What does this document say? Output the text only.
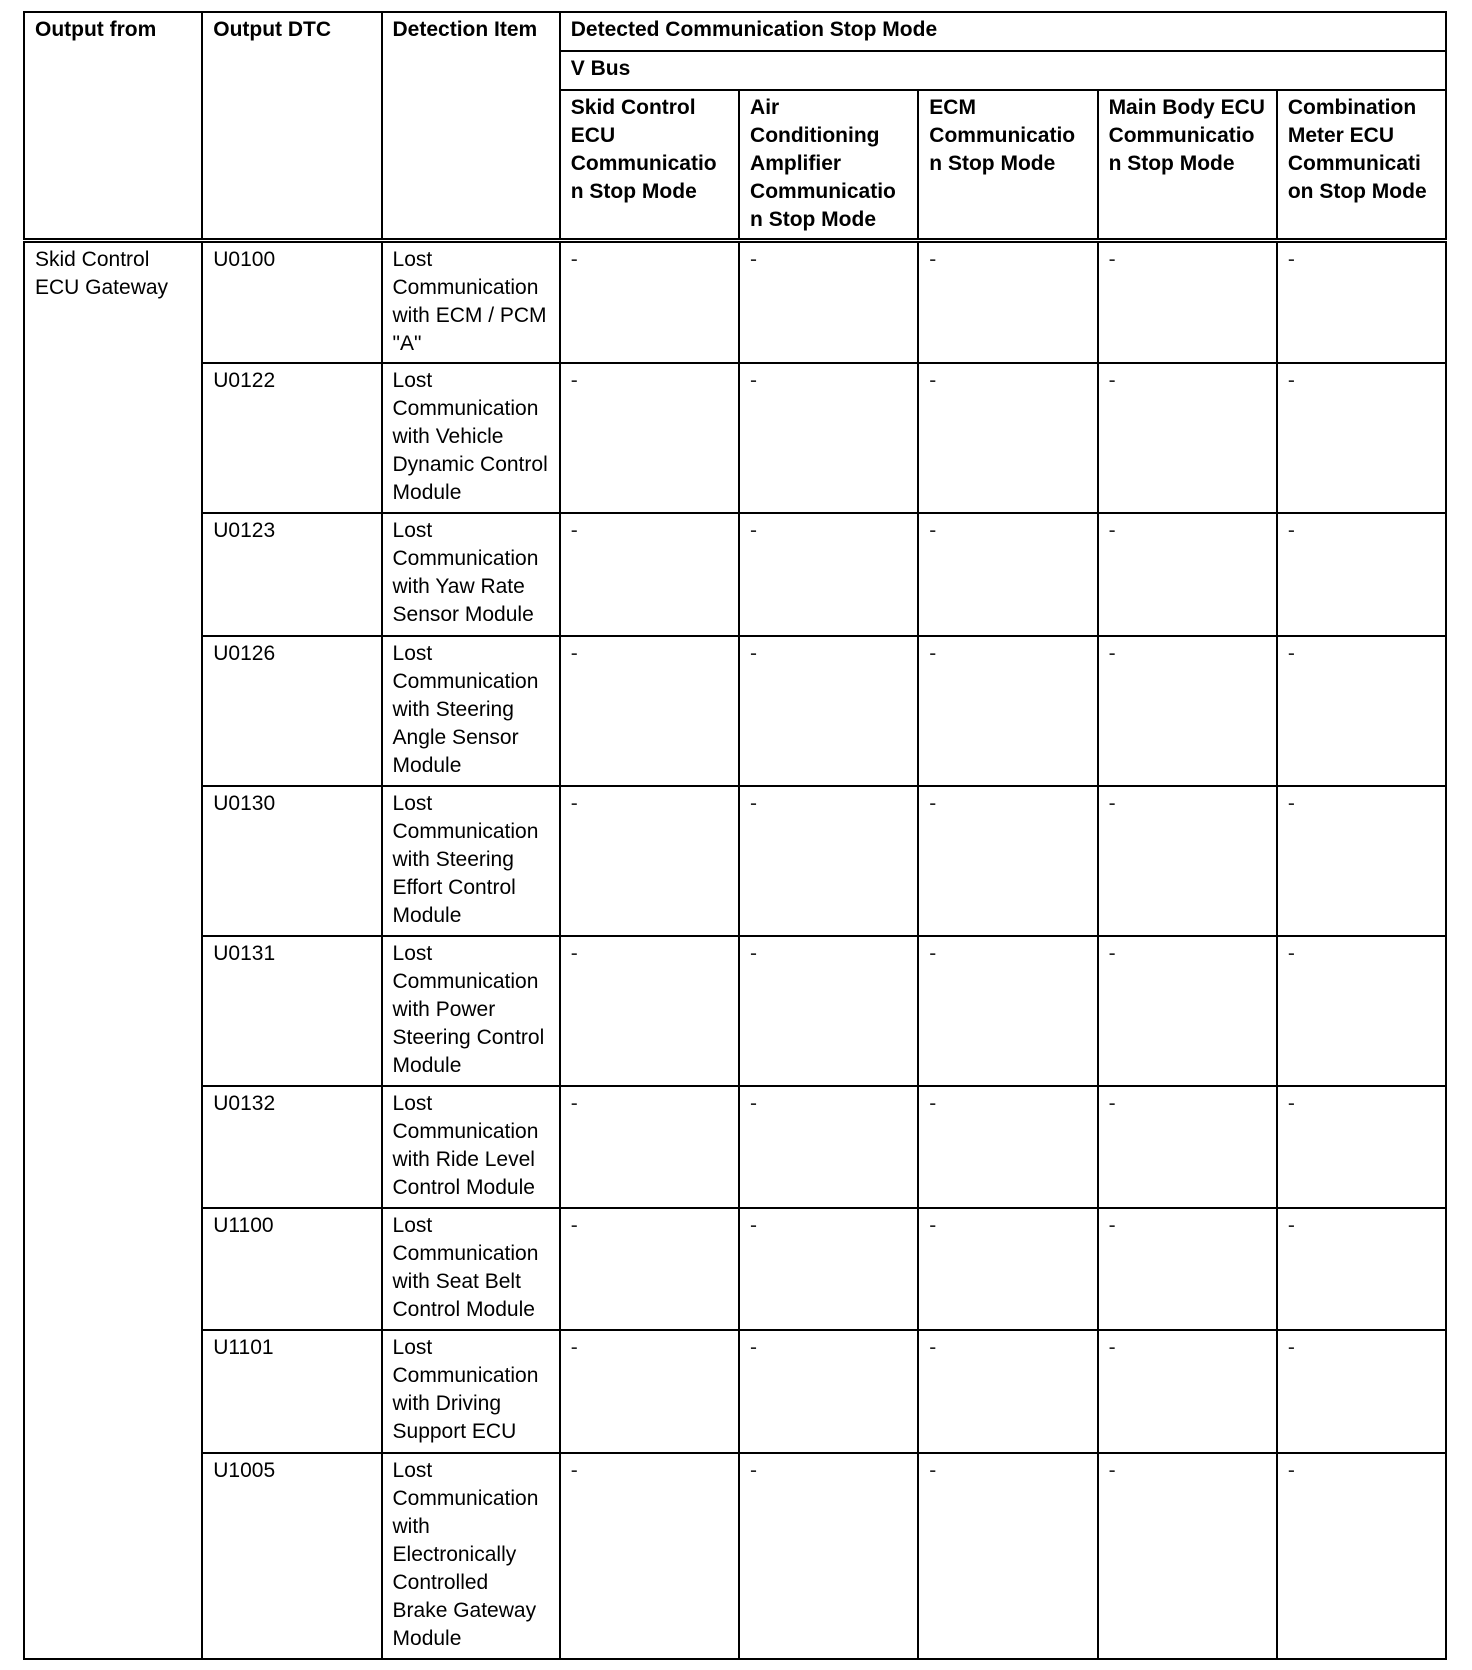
Output from	Output DTC	Detection Item	Detected Communication Stop Mode				
			V Bus				
			Skid Control ECU Communicatio n Stop Mode	Air Conditioning Amplifier Communicatio n Stop Mode	ECM Communicatio n Stop Mode	Main Body ECU Communicatio n Stop Mode	Combination Meter ECU Communicati on Stop Mode
Skid Control ECU Gateway	U0100	Lost Communication with ECM / PCM "A"	-	-	-	-	-
	U0122	Lost Communication with Vehicle Dynamic Control Module	-	-	-	-	-
	U0123	Lost Communication with Yaw Rate Sensor Module	-	-	-	-	-
	U0126	Lost Communication with Steering Angle Sensor Module	-	-	-	-	-
	U0130	Lost Communication with Steering Effort Control Module	-	-	-	-	-
	U0131	Lost Communication with Power Steering Control Module	-	-	-	-	-
	U0132	Lost Communication with Ride Level Control Module	-	-	-	-	-
	U1100	Lost Communication with Seat Belt Control Module	-	-	-	-	-
	U1101	Lost Communication with Driving Support ECU	-	-	-	-	-
	U1005	Lost Communication with Electronically Controlled Brake Gateway Module	-	-	-	-	-
